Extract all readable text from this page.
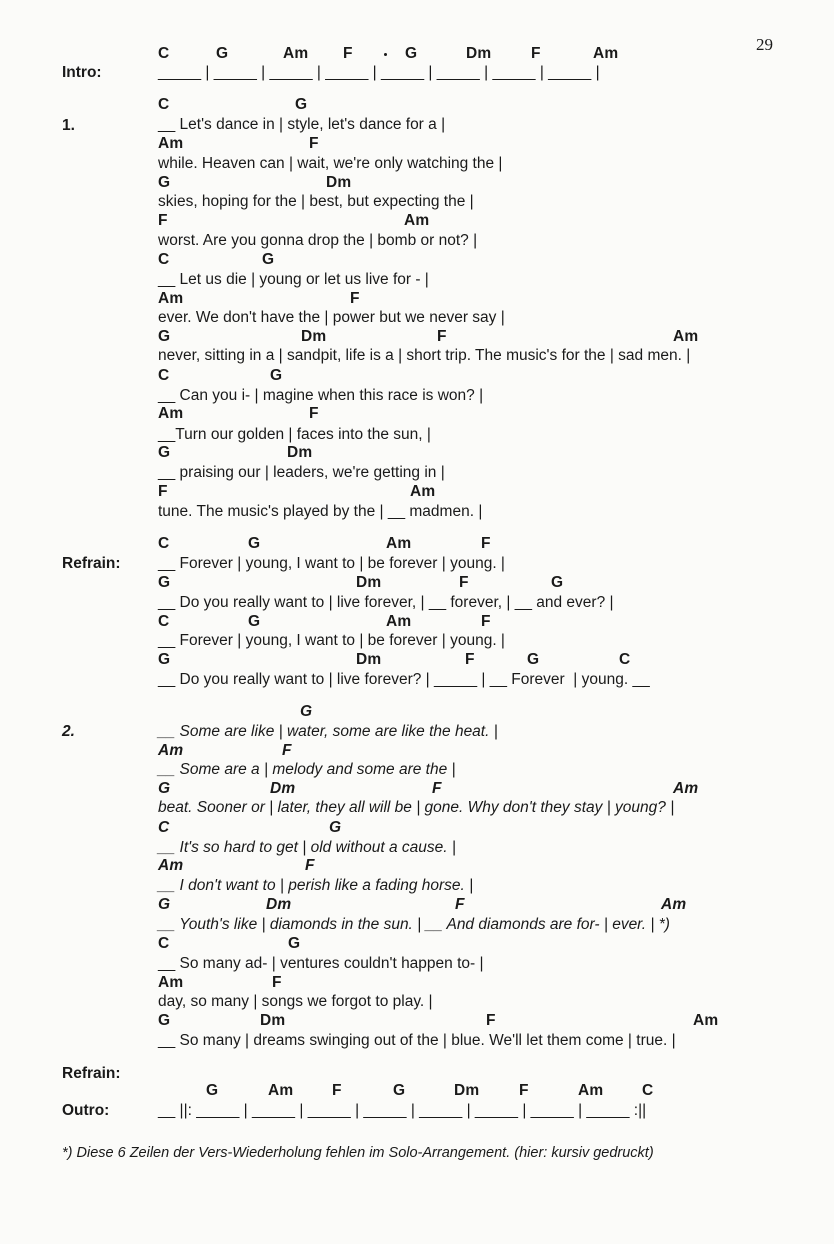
29

C

	G

	Am

F

	G

	Dm

	F

	Am

Intro:	_____ | _____ | _____ | _____ | _____ | _____ | _____ | _____ |
1.

C

	G

__ Let's dance in | style, let's dance for a |

Am

	F

while. Heaven can | wait, we're only watching the |

G

	Dm

skies, hoping for the | best, but expecting the |

F

	Am

worst. Are you gonna drop the | bomb or not? |

C

	G

__ Let us die | young or let us live for - |

Am

	F

ever. We don't have the | power but we never say |

G

	Dm

	F

	Am

never, sitting in a | sandpit, life is a | short trip. The music's for the | sad men. |

C

	G

__ Can you i- | magine when this race is won? |

Am

	F

__Turn our golden | faces into the sun, |

G

	Dm

__ praising our | leaders, we're getting in |

F

	Am

tune. The music's played by the | __ madmen. |
Refrain:

C

	G

	Am

	F

__ Forever | young, I want to | be forever | young. |

G

	Dm

	F

	G

__ Do you really want to | live forever, | __ forever, | __ and ever? |

C

	G

	Am

	F

__ Forever | young, I want to | be forever | young. |

G

	Dm

	F

	G

	C

__ Do you really want to | live forever? | _____ | __ Forever  | young. __
2.

G

__ Some are like | water, some are like the heat. |

Am

	F

__ Some are a | melody and some are the |

G

	Dm

	F

	Am

beat. Sooner or | later, they all will be | gone. Why don't they stay | young? |

C

	G

__ It's so hard to get | old without a cause. |

Am

	F

__ I don't want to | perish like a fading horse. |

G

	Dm

	F

	Am

__ Youth's like | diamonds in the sun. | __ And diamonds are for- | ever. | *)

C

	G

__ So many ad- | ventures couldn't happen to- |

Am

	F

day, so many | songs we forgot to play. |

G

	Dm

	F

	Am

__ So many | dreams swinging out of the | blue. We'll let them come | true. |
Refrain:

G

	Am

F

	G

	Dm

	F

	Am

C

Outro:	__ ||: _____ | _____ | _____ | _____ | _____ | _____ | _____ | _____ :||
*) Diese 6 Zeilen der Vers-Wiederholung fehlen im Solo-Arrangement. (hier: kursiv gedruckt)
